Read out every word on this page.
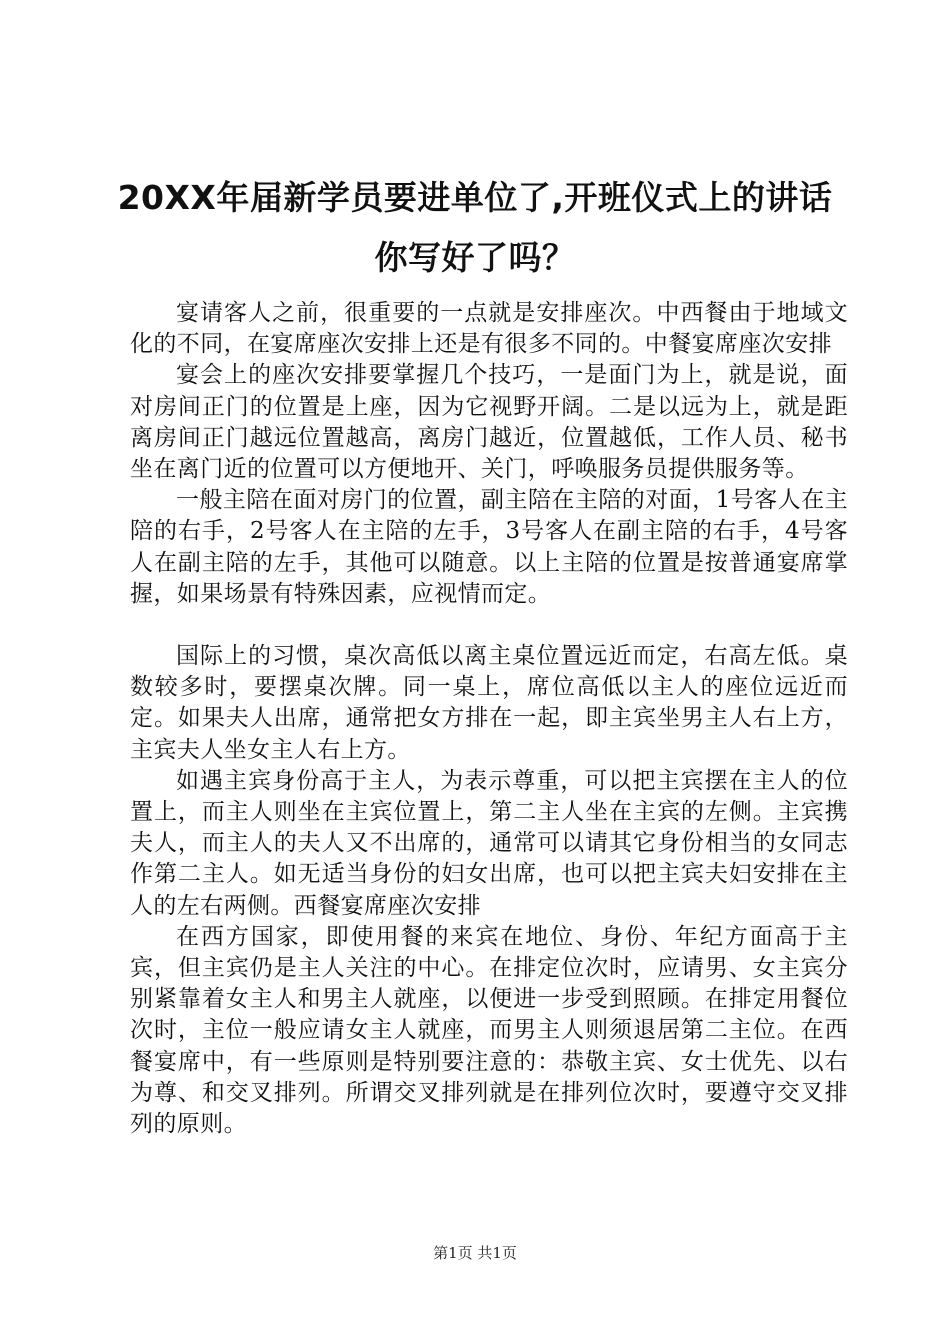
20XX年届新学员要进单位了,开班仪式上的讲话你写好了吗？

宴请客人之前，很重要的一点就是安排座次。中西餐由于地域文化的不同，在宴席座次安排上还是有很多不同的。中餐宴席座次安排

宴会上的座次安排要掌握几个技巧，一是面门为上，就是说，面对房间正门的位置是上座，因为它视野开阔。二是以远为上，就是距离房间正门越远位置越高，离房门越近，位置越低，工作人员、秘书坐在离门近的位置可以方便地开、关门，呼唤服务员提供服务等。

一般主陪在面对房门的位置，副主陪在主陪的对面，1号客人在主陪的右手，2号客人在主陪的左手，3号客人在副主陪的右手，4号客人在副主陪的左手，其他可以随意。以上主陪的位置是按普通宴席掌握，如果场景有特殊因素，应视情而定。

国际上的习惯，桌次高低以离主桌位置远近而定，右高左低。桌数较多时，要摆桌次牌。同一桌上，席位高低以主人的座位远近而定。如果夫人出席，通常把女方排在一起，即主宾坐男主人右上方，主宾夫人坐女主人右上方。

如遇主宾身份高于主人，为表示尊重，可以把主宾摆在主人的位置上，而主人则坐在主宾位置上，第二主人坐在主宾的左侧。主宾携夫人，而主人的夫人又不出席的，通常可以请其它身份相当的女同志作第二主人。如无适当身份的妇女出席，也可以把主宾夫妇安排在主人的左右两侧。西餐宴席座次安排

在西方国家，即使用餐的来宾在地位、身份、年纪方面高于主宾，但主宾仍是主人关注的中心。在排定位次时，应请男、女主宾分别紧靠着女主人和男主人就座，以便进一步受到照顾。在排定用餐位次时，主位一般应请女主人就座，而男主人则须退居第二主位。在西餐宴席中，有一些原则是特别要注意的：恭敬主宾、女士优先、以右为尊、和交叉排列。所谓交叉排列就是在排列位次时，要遵守交叉排列的原则。

第1页 共1页
